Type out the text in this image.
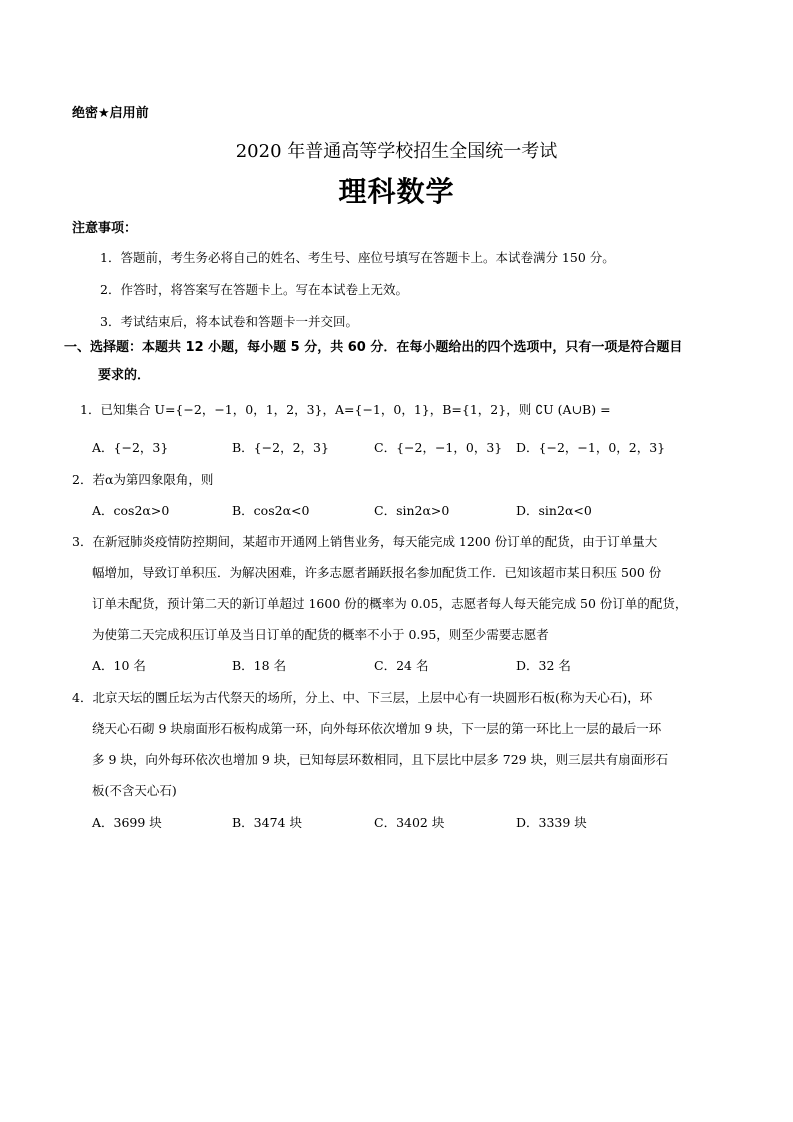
绝密★启用前
2020 年普通高等学校招生全国统一考试
理科数学
注意事项：
1．答题前，考生务必将自己的姓名、考生号、座位号填写在答题卡上。本试卷满分 150 分。
2．作答时，将答案写在答题卡上。写在本试卷上无效。
3．考试结束后，将本试卷和答题卡一并交回。
一、选择题：本题共 12 小题，每小题 5 分，共 60 分．在每小题给出的四个选项中，只有一项是符合题目
要求的．
1．已知集合 U={−2，−1，0，1，2，3}，A={−1，0，1}，B={1，2}，则 ∁U (A∪B) =
A．{−2，3}	B．{−2，2，3}	C．{−2，−1，0，3} D．{−2，−1，0，2，3}
2．若α为第四象限角，则
A．cos2α>0	B．cos2α<0	C．sin2α>0	D．sin2α<0
3．在新冠肺炎疫情防控期间，某超市开通网上销售业务，每天能完成 1200 份订单的配货，由于订单量大
幅增加，导致订单积压．为解决困难，许多志愿者踊跃报名参加配货工作．已知该超市某日积压 500 份
订单未配货，预计第二天的新订单超过 1600 份的概率为 0.05，志愿者每人每天能完成 50 份订单的配货，
为使第二天完成积压订单及当日订单的配货的概率不小于 0.95，则至少需要志愿者
A．10 名	B．18 名	C．24 名	D．32 名
4．北京天坛的圜丘坛为古代祭天的场所，分上、中、下三层，上层中心有一块圆形石板(称为天心石)，环
绕天心石砌 9 块扇面形石板构成第一环，向外每环依次增加 9 块，下一层的第一环比上一层的最后一环
多 9 块，向外每环依次也增加 9 块，已知每层环数相同，且下层比中层多 729 块，则三层共有扇面形石
板(不含天心石)
A．3699 块	B．3474 块	C．3402 块	D．3339 块
